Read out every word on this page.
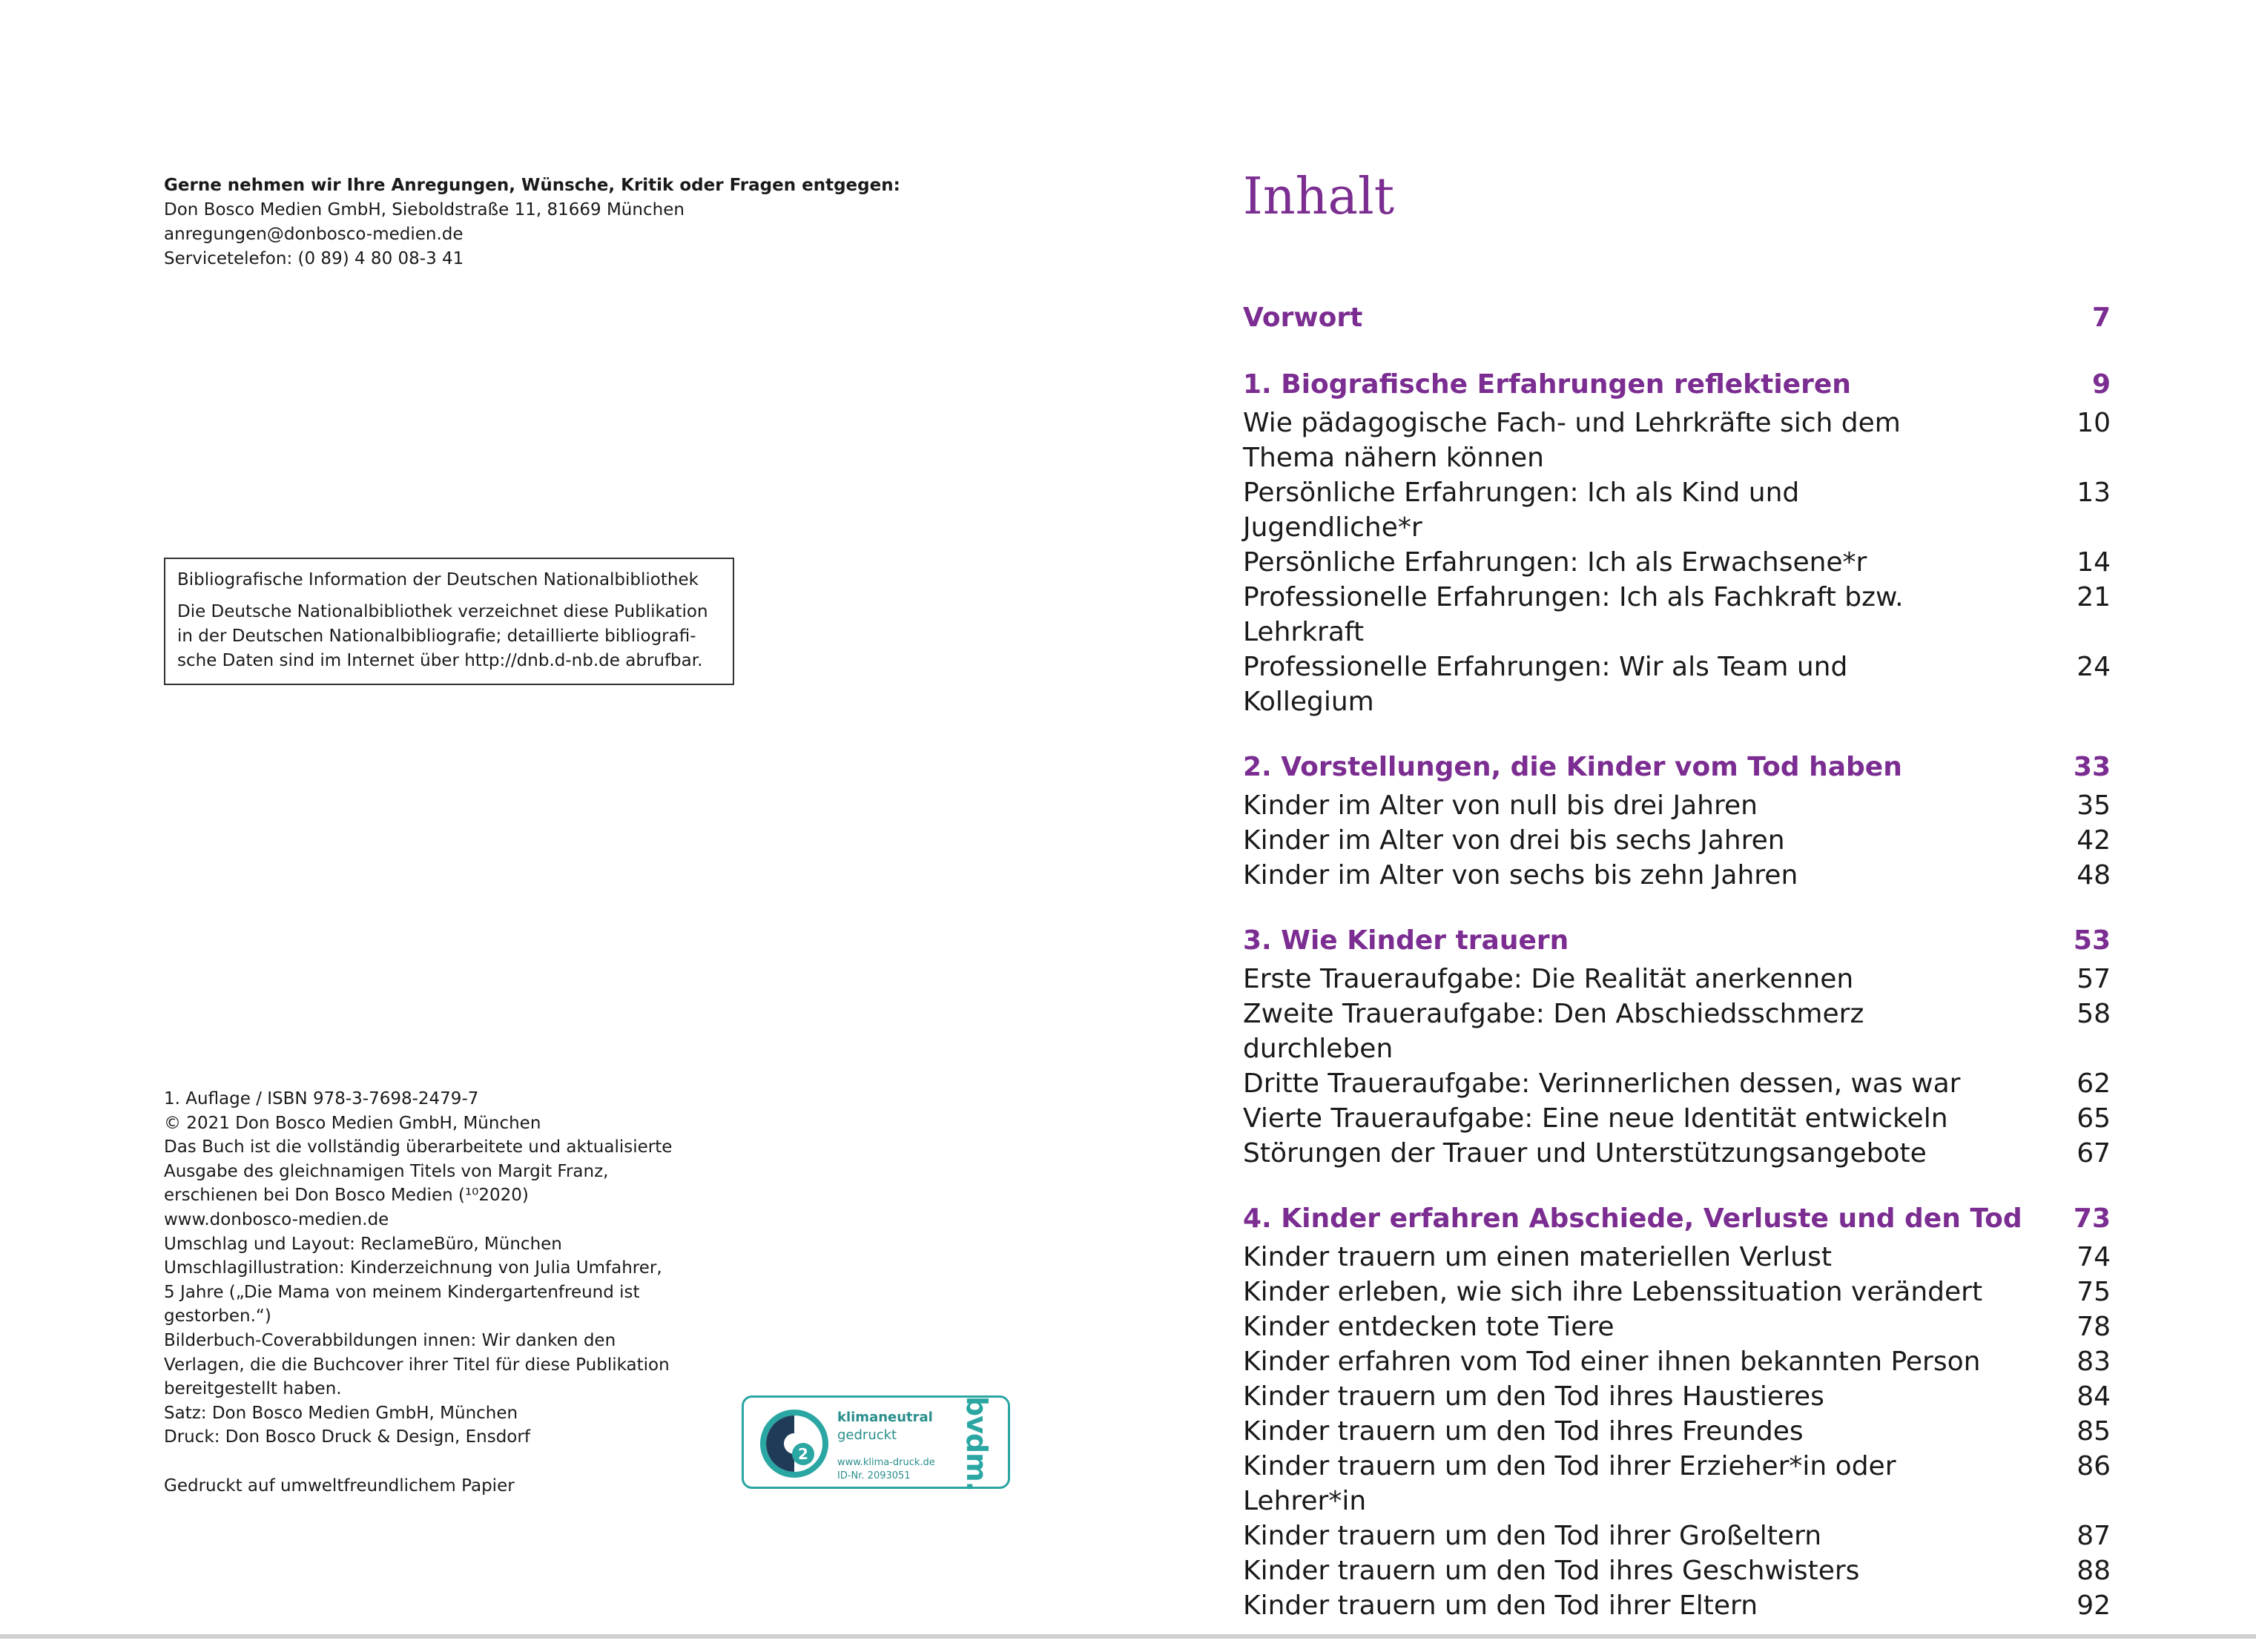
Gerne nehmen wir Ihre Anregungen, Wünsche, Kritik oder Fragen entgegen:
Don Bosco Medien GmbH, Sieboldstraße 11, 81669 München
anregungen@donbosco-medien.de
Servicetelefon: (0 89) 4 80 08-3 41
Bibliografische Information der Deutschen Nationalbibliothek
Die Deutsche Nationalbibliothek verzeichnet diese Publikation
in der Deutschen Nationalbibliografie; detaillierte bibliografi-
sche Daten sind im Internet über http://dnb.d-nb.de abrufbar.
1. Auflage / ISBN 978-3-7698-2479-7
© 2021 Don Bosco Medien GmbH, München
Das Buch ist die vollständig überarbeitete und aktualisierte
Ausgabe des gleichnamigen Titels von Margit Franz,
erschienen bei Don Bosco Medien (¹⁰2020)
www.donbosco-medien.de
Umschlag und Layout: ReclameBüro, München
Umschlagillustration: Kinderzeichnung von Julia Umfahrer,
5 Jahre („Die Mama von meinem Kindergartenfreund ist
gestorben.“)
Bilderbuch-Coverabbildungen innen: Wir danken den
Verlagen, die die Buchcover ihrer Titel für diese Publikation
bereitgestellt haben.
Satz: Don Bosco Medien GmbH, München
Druck: Don Bosco Druck & Design, Ensdorf
Gedruckt auf umweltfreundlichem Papier
2
klimaneutral
gedruckt
www.klima-druck.de
ID-Nr. 2093051 bvdm.
Inhalt
Vorwort	7
1. Biografische Erfahrungen reflektieren	9
Wie pädagogische Fach- und Lehrkräfte sich dem Thema nähern können
10
Persönliche Erfahrungen: Ich als Kind und Jugendliche*r
13
Persönliche Erfahrungen: Ich als Erwachsene*r	14
Professionelle Erfahrungen: Ich als Fachkraft bzw. Lehrkraft
21
Professionelle Erfahrungen: Wir als Team und Kollegium
24
2. Vorstellungen, die Kinder vom Tod haben	33
Kinder im Alter von null bis drei Jahren	35
Kinder im Alter von drei bis sechs Jahren	42
Kinder im Alter von sechs bis zehn Jahren	48
3. Wie Kinder trauern	53
Erste Traueraufgabe: Die Realität anerkennen	57
Zweite Traueraufgabe: Den Abschiedsschmerz durchleben
58
Dritte Traueraufgabe: Verinnerlichen dessen, was war	62
Vierte Traueraufgabe: Eine neue Identität entwickeln	65
Störungen der Trauer und Unterstützungsangebote	67
4. Kinder erfahren Abschiede, Verluste und den Tod 73
Kinder trauern um einen materiellen Verlust	74
Kinder erleben, wie sich ihre Lebenssituation verändert	75
Kinder entdecken tote Tiere	78
Kinder erfahren vom Tod einer ihnen bekannten Person	83
Kinder trauern um den Tod ihres Haustieres	84
Kinder trauern um den Tod ihres Freundes	85
Kinder trauern um den Tod ihrer Erzieher*in oder Lehrer*in
86
Kinder trauern um den Tod ihrer Großeltern	87
Kinder trauern um den Tod ihres Geschwisters	88
Kinder trauern um den Tod ihrer Eltern	92
